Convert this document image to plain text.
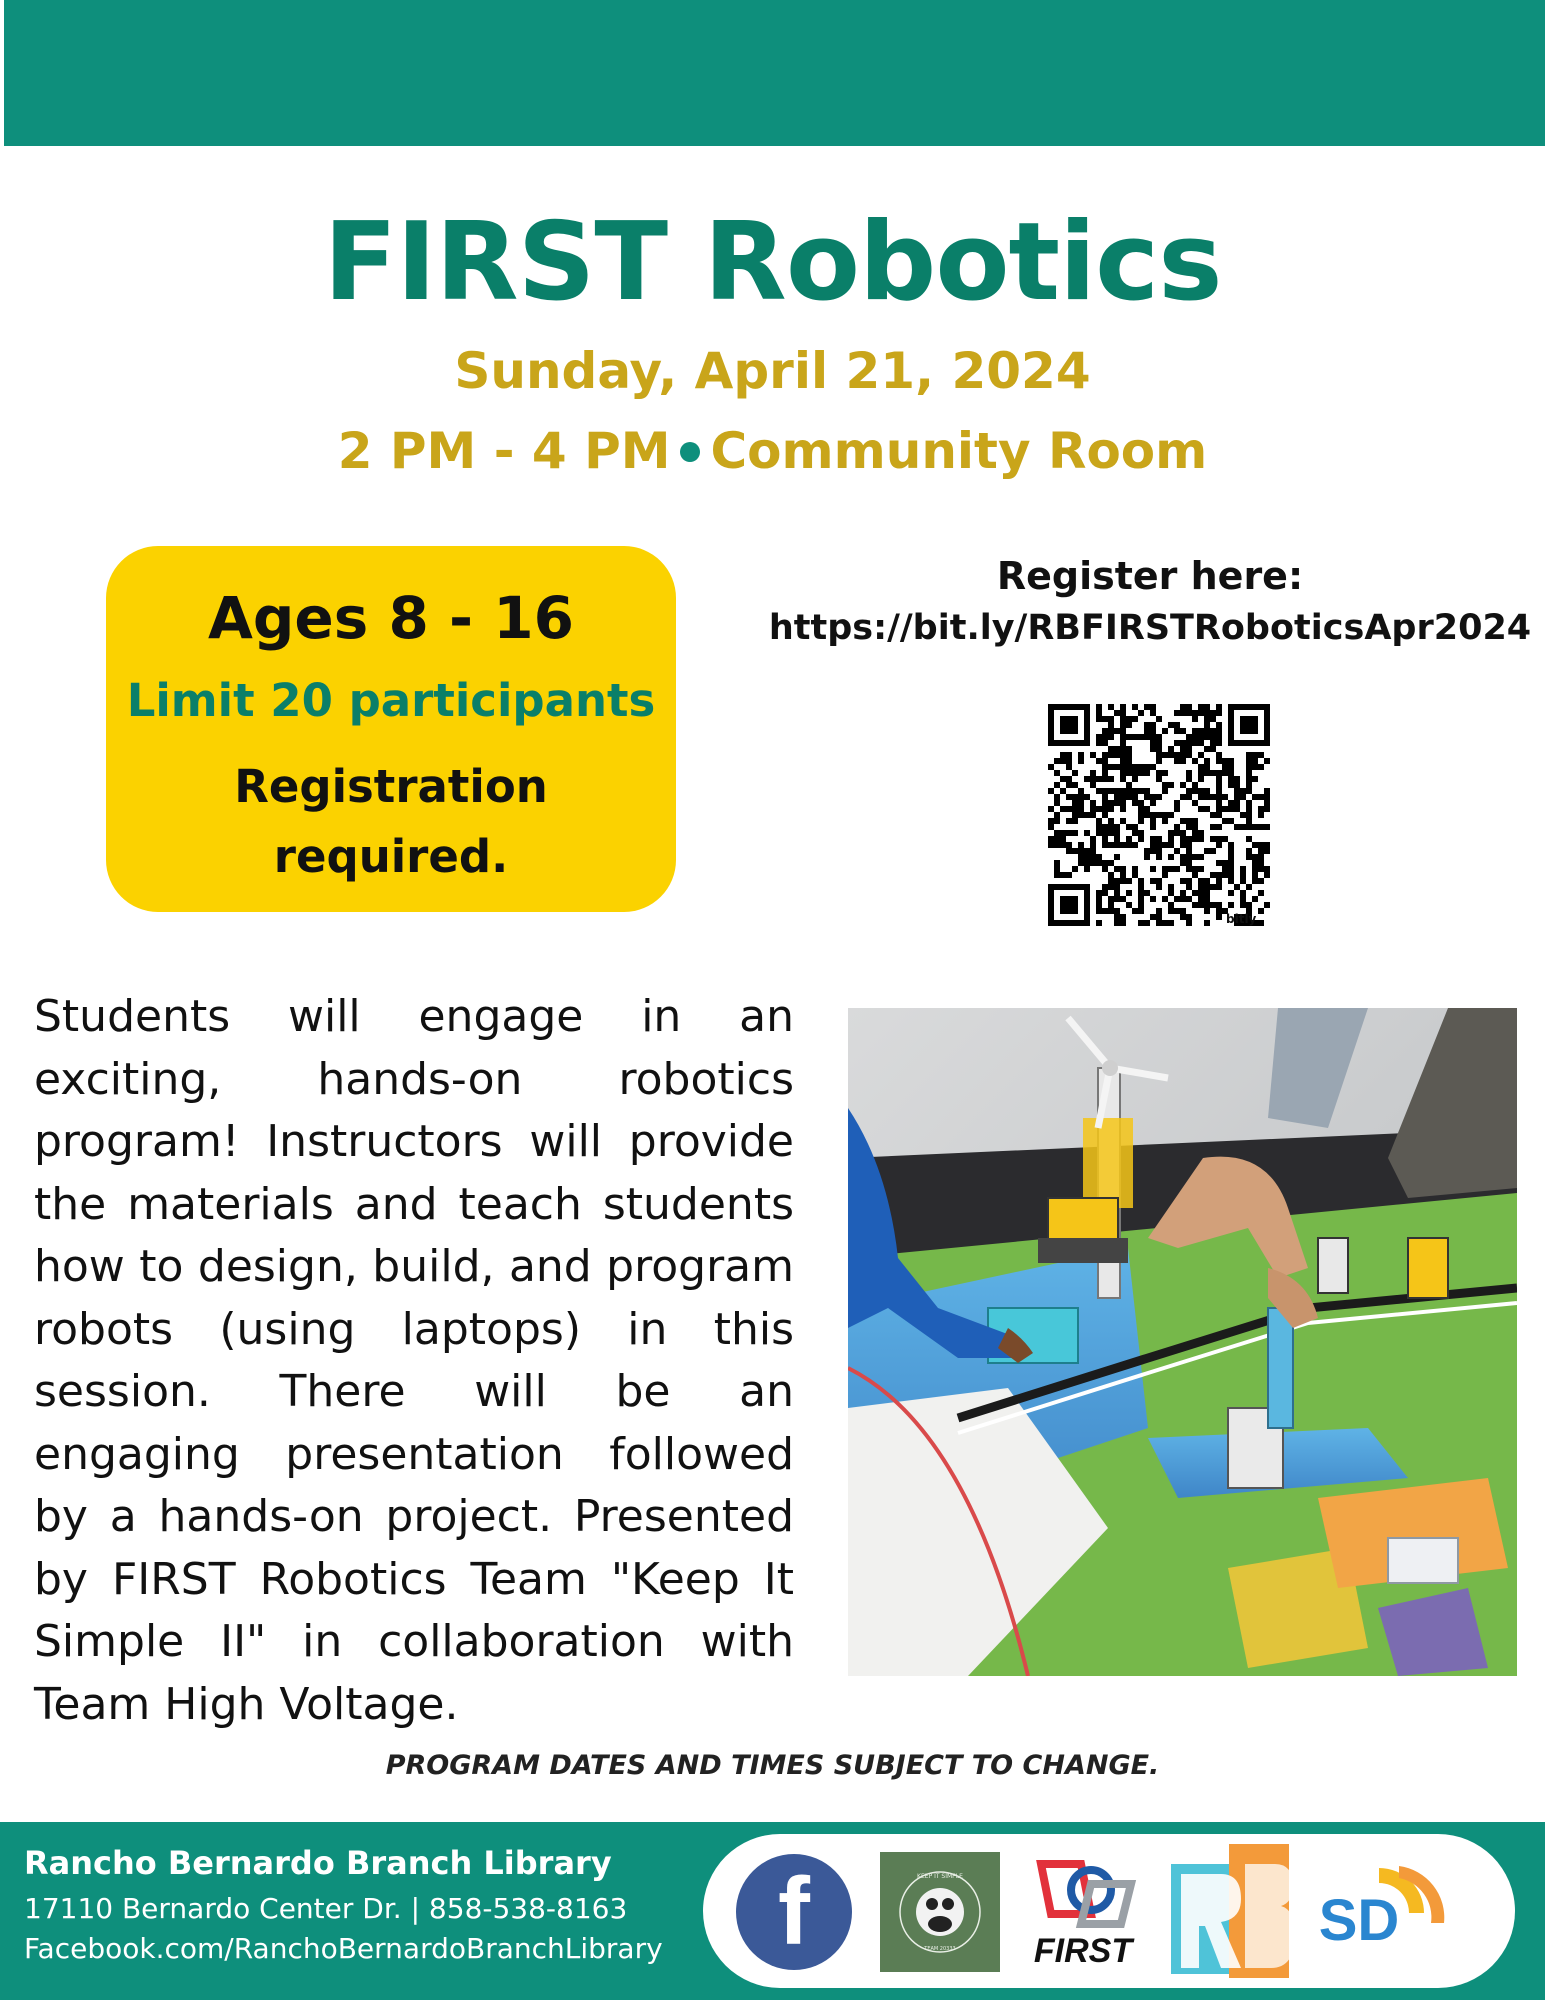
FIRST Robotics
Sunday, April 21, 2024
2 PM - 4 PM Community Room
Ages 8 - 16
Limit 20 participants
Registration
required.
Register here:
https://bit.ly/RBFIRSTRoboticsApr2024
bitly

Students will engage in an exciting, hands-on robotics program! Instructors will provide the materials and teach students how to design, build, and program robots (using laptops) in this session. There will be an engaging presentation followed by a hands-on project. Presented by FIRST Robotics Team "Keep It Simple II" in collaboration with Team High Voltage.

PROGRAM DATES AND TIMES SUBJECT TO CHANGE.
Rancho Bernardo Branch Library
17110 Bernardo Center Dr. | 858-538-8163
Facebook.com/RanchoBernardoBranchLibrary f	KEEP IT SIMPLE
TEAM 20333 FIRST	SD
